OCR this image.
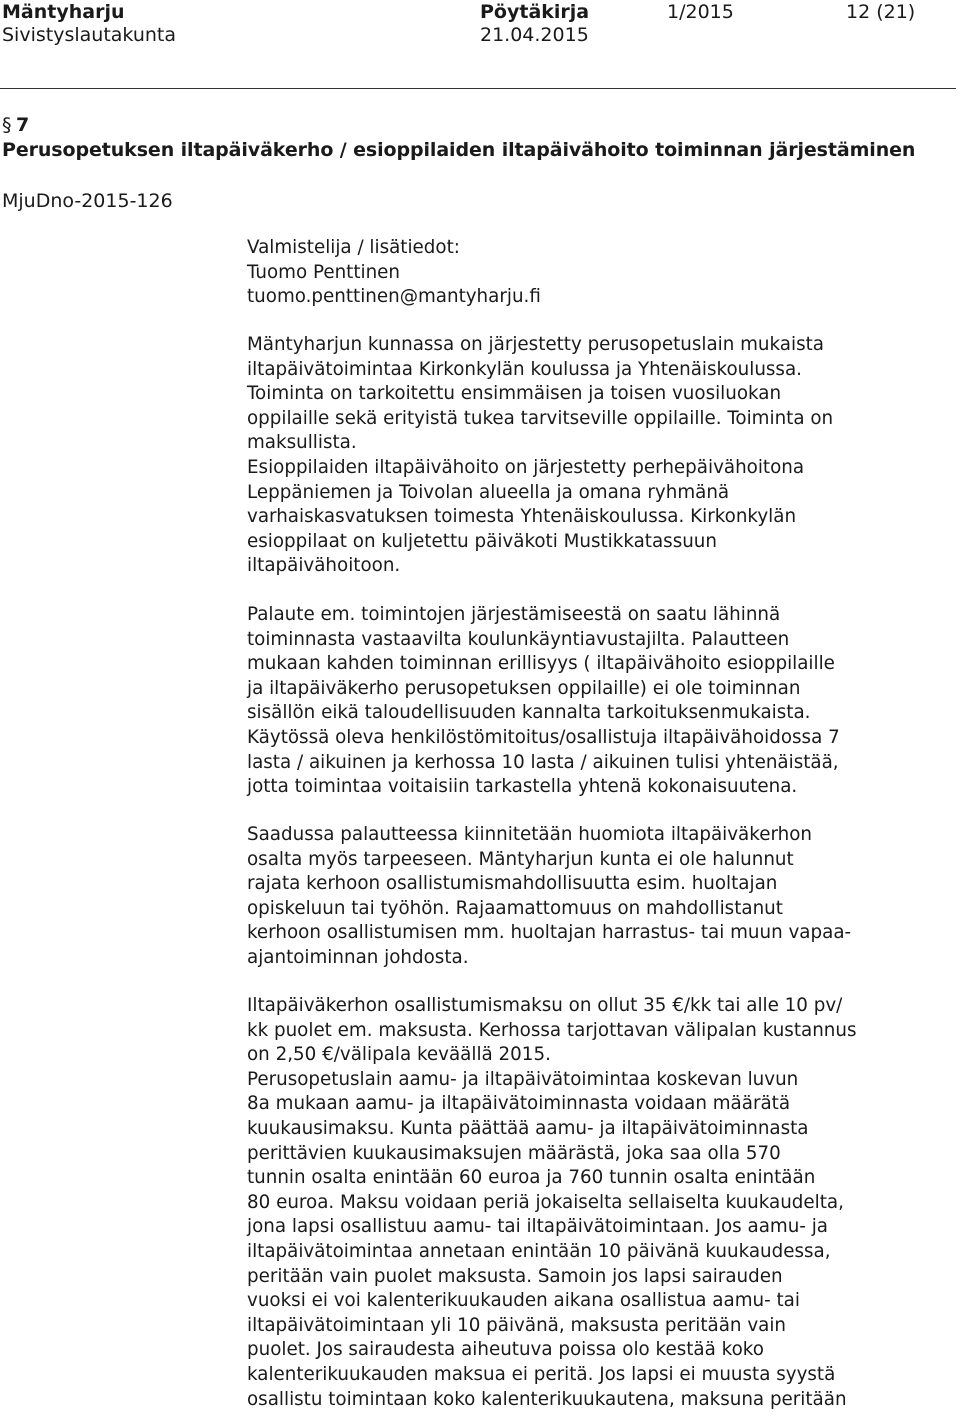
Mäntyharju	Pöytäkirja	1/2015	12 (21)
Sivistyslautakunta	21.04.2015
§ 7
Perusopetuksen iltapäiväkerho / esioppilaiden iltapäivähoito toiminnan järjestäminen
MjuDno-2015-126

Valmistelija / lisätiedot:

Tuomo Penttinen

tuomo.penttinen@mantyharju.fi

Mäntyharjun kunnassa on järjestetty perusopetuslain mukaista
iltapäivätoimintaa Kirkonkylän koulussa ja Yhtenäiskoulussa.
Toiminta on tarkoitettu ensimmäisen ja toisen vuosiluokan
oppilaille sekä erityistä tukea tarvitseville oppilaille. Toiminta on
maksullista.
Esioppilaiden iltapäivähoito on järjestetty perhepäivähoitona
Leppäniemen ja Toivolan alueella ja omana ryhmänä
varhaiskasvatuksen toimesta Yhtenäiskoulussa. Kirkonkylän
esioppilaat on kuljetettu päiväkoti Mustikkatassuun
iltapäivähoitoon.

Palaute em. toimintojen järjestämiseestä on saatu lähinnä
toiminnasta vastaavilta koulunkäyntiavustajilta. Palautteen
mukaan kahden toiminnan erillisyys ( iltapäivähoito esioppilaille
ja iltapäiväkerho perusopetuksen oppilaille) ei ole toiminnan
sisällön eikä taloudellisuuden kannalta tarkoituksenmukaista.
Käytössä oleva henkilöstömitoitus/osallistuja iltapäivähoidossa 7
lasta / aikuinen ja kerhossa 10 lasta / aikuinen tulisi yhtenäistää,
jotta toimintaa voitaisiin tarkastella yhtenä kokonaisuutena.

Saadussa palautteessa kiinnitetään huomiota iltapäiväkerhon
osalta myös tarpeeseen. Mäntyharjun kunta ei ole halunnut
rajata kerhoon osallistumismahdollisuutta esim. huoltajan
opiskeluun tai työhön. Rajaamattomuus on mahdollistanut
kerhoon osallistumisen mm. huoltajan harrastus- tai muun vapaa-
ajantoiminnan johdosta.

Iltapäiväkerhon osallistumismaksu on ollut 35 €/kk tai alle 10 pv/
kk puolet em. maksusta. Kerhossa tarjottavan välipalan kustannus
on 2,50 €/välipala keväällä 2015.
Perusopetuslain aamu- ja iltapäivätoimintaa koskevan luvun
8a mukaan aamu- ja iltapäivätoiminnasta voidaan määrätä
kuukausimaksu. Kunta päättää aamu- ja iltapäivätoiminnasta
perittävien kuukausimaksujen määrästä, joka saa olla 570
tunnin osalta enintään 60 euroa ja 760 tunnin osalta enintään
80 euroa. Maksu voidaan periä jokaiselta sellaiselta kuukaudelta,
jona lapsi osallistuu aamu- tai iltapäivätoimintaan. Jos aamu- ja
iltapäivätoimintaa annetaan enintään 10 päivänä kuukaudessa,
peritään vain puolet maksusta. Samoin jos lapsi sairauden
vuoksi ei voi kalenterikuukauden aikana osallistua aamu- tai
iltapäivätoimintaan yli 10 päivänä, maksusta peritään vain
puolet. Jos sairaudesta aiheutuva poissa olo kestää koko
kalenterikuukauden maksua ei peritä. Jos lapsi ei muusta syystä
osallistu toimintaan koko kalenterikuukautena, maksuna peritään
